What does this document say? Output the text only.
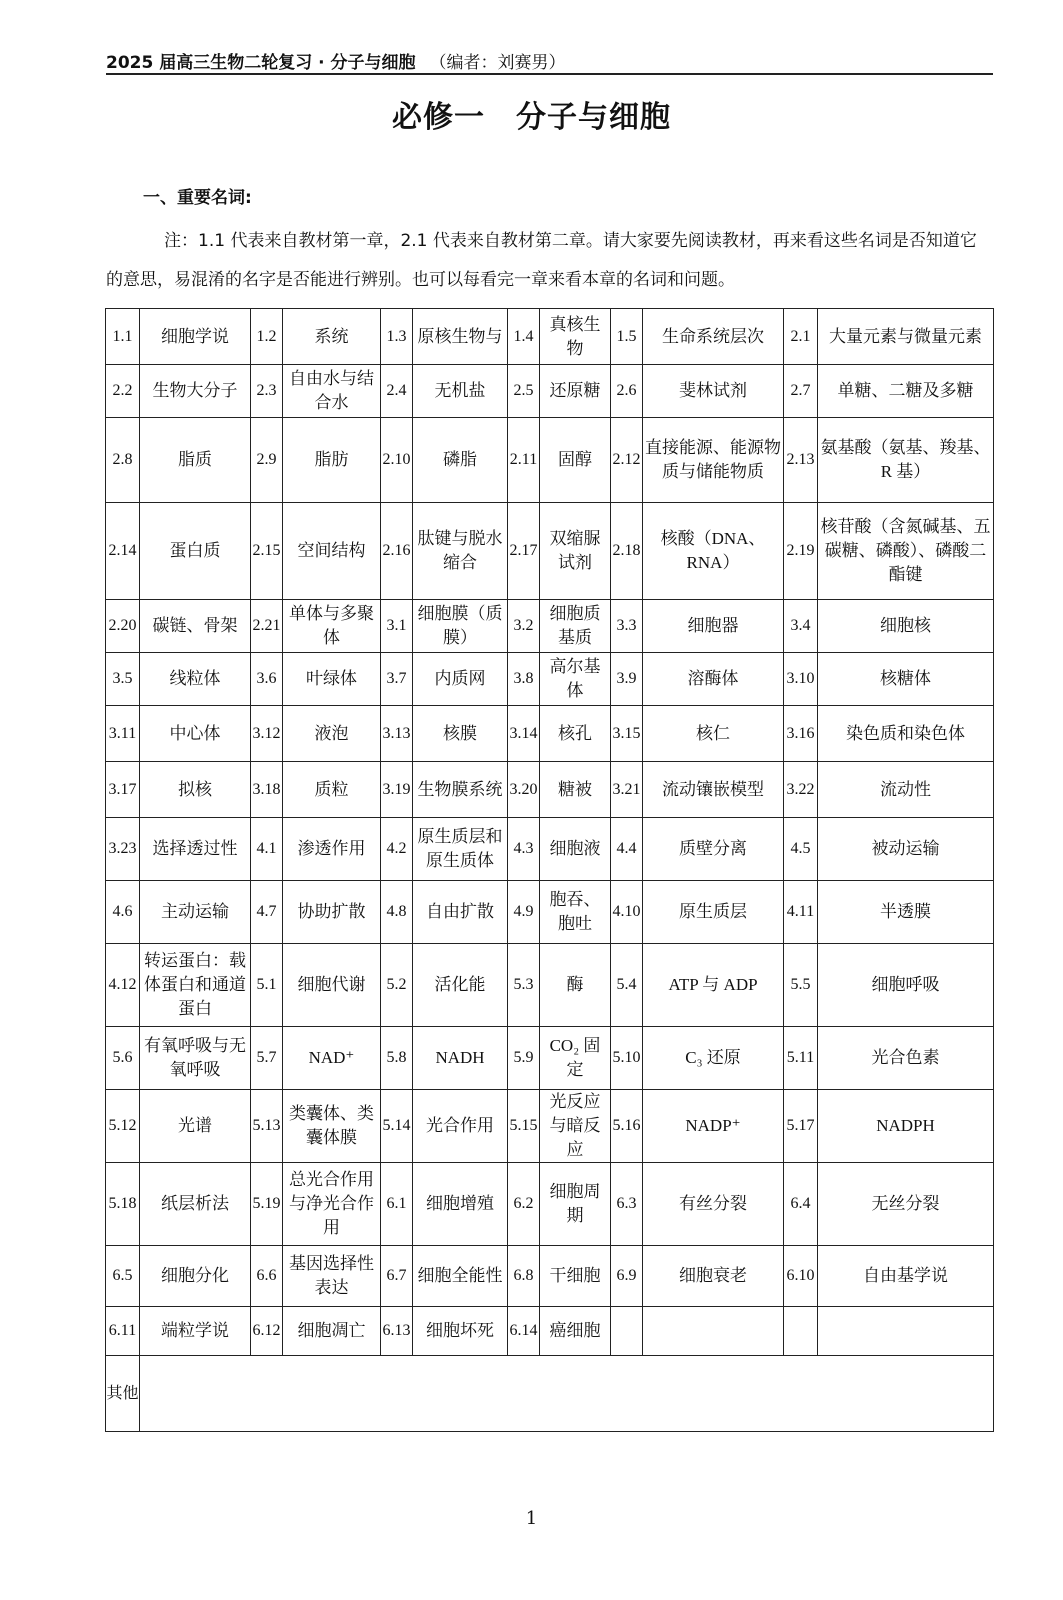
2025 届高三生物二轮复习 · 分子与细胞 （编者：刘赛男）
必修一　分子与细胞
一、重要名词:
注：1.1 代表来自教材第一章，2.1 代表来自教材第二章。请大家要先阅读教材，再来看这些名词是否知道它的意思，易混淆的名字是否能进行辨别。也可以每看完一章来看本章的名词和问题。
1.1	细胞学说	1.2	系统	1.3	原核生物与	1.4	真核生物	1.5	生命系统层次	2.1	大量元素与微量元素
2.2	生物大分子	2.3	自由水与结合水	2.4	无机盐	2.5	还原糖	2.6	斐林试剂	2.7	单糖、二糖及多糖
2.8	脂质	2.9	脂肪	2.10	磷脂	2.11	固醇	2.12	直接能源、能源物质与储能物质	2.13	氨基酸（氨基、羧基、R 基）
2.14	蛋白质	2.15	空间结构	2.16	肽键与脱水缩合	2.17	双缩脲试剂	2.18	核酸（DNA、RNA）	2.19	核苷酸（含氮碱基、五碳糖、磷酸）、磷酸二酯键
2.20	碳链、骨架	2.21	单体与多聚体	3.1	细胞膜（质膜）	3.2	细胞质基质	3.3	细胞器	3.4	细胞核
3.5	线粒体	3.6	叶绿体	3.7	内质网	3.8	高尔基体	3.9	溶酶体	3.10	核糖体
3.11	中心体	3.12	液泡	3.13	核膜	3.14	核孔	3.15	核仁	3.16	染色质和染色体
3.17	拟核	3.18	质粒	3.19	生物膜系统	3.20	糖被	3.21	流动镶嵌模型	3.22	流动性
3.23	选择透过性	4.1	渗透作用	4.2	原生质层和原生质体	4.3	细胞液	4.4	质壁分离	4.5	被动运输
4.6	主动运输	4.7	协助扩散	4.8	自由扩散	4.9	胞吞、胞吐	4.10	原生质层	4.11	半透膜
4.12	转运蛋白：载体蛋白和通道蛋白	5.1	细胞代谢	5.2	活化能	5.3	酶	5.4	ATP 与 ADP	5.5	细胞呼吸
5.6	有氧呼吸与无氧呼吸	5.7	NAD⁺	5.8	NADH	5.9	CO₂ 固定	5.10	C₃ 还原	5.11	光合色素
5.12	光谱	5.13	类囊体、类囊体膜	5.14	光合作用	5.15	光反应与暗反应	5.16	NADP⁺	5.17	NADPH
5.18	纸层析法	5.19	总光合作用与净光合作用	6.1	细胞增殖	6.2	细胞周期	6.3	有丝分裂	6.4	无丝分裂
6.5	细胞分化	6.6	基因选择性表达	6.7	细胞全能性	6.8	干细胞	6.9	细胞衰老	6.10	自由基学说
6.11	端粒学说	6.12	细胞凋亡	6.13	细胞坏死	6.14	癌细胞				
其他											
1
